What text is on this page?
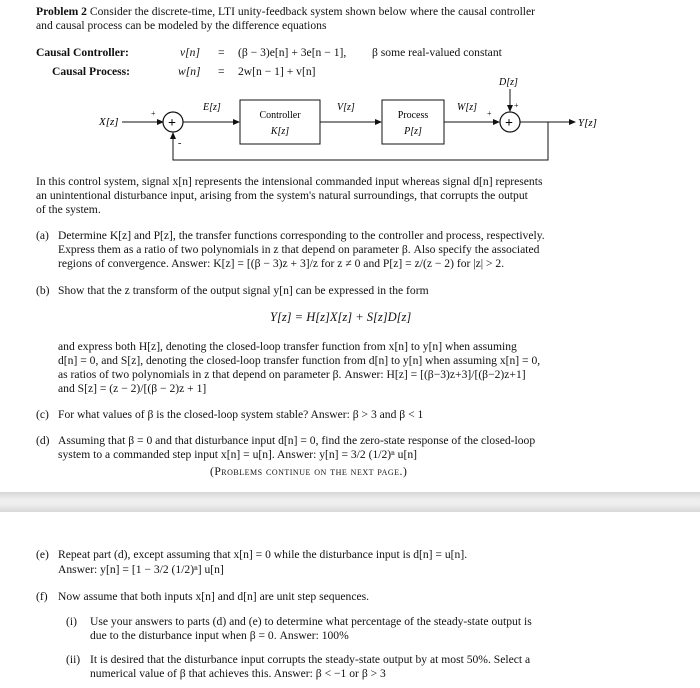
Problem 2 Consider the discrete-time, LTI unity-feedback system shown below where the causal controller
and causal process can be modeled by the difference equations
Causal Controller:	v[n] = (β − 3)e[n] + 3e[n − 1], β some real-valued constant
Causal Process:	w[n] = 2w[n − 1] + v[n]
X[z]
+
+
-
E[z]
Controller
K[z]
V[z]
Process
P[z]
W[z]
+
D[z]
+
+	Y[z]
In this control system, signal x[n] represents the intensional commanded input whereas signal d[n] represents
an unintentional disturbance input, arising from the system's natural surroundings, that corrupts the output
of the system.
(a) Determine K[z] and P[z], the transfer functions corresponding to the controller and process, respectively.
Express them as a ratio of two polynomials in z that depend on parameter β. Also specify the associated
regions of convergence. Answer: K[z] = [(β − 3)z + 3]/z for z ≠ 0 and P[z] = z/(z − 2) for |z| > 2.
(b) Show that the z transform of the output signal y[n] can be expressed in the form
Y[z] = H[z]X[z] + S[z]D[z]
and express both H[z], denoting the closed-loop transfer function from x[n] to y[n] when assuming
d[n] = 0, and S[z], denoting the closed-loop transfer function from d[n] to y[n] when assuming x[n] = 0,
as ratios of two polynomials in z that depend on parameter β. Answer: H[z] = [(β−3)z+3]/[(β−2)z+1]
and S[z] = (z − 2)/[(β − 2)z + 1]
(c) For what values of β is the closed-loop system stable? Answer: β > 3 and β < 1
(d) Assuming that β = 0 and that disturbance input d[n] = 0, find the zero-state response of the closed-loop
system to a commanded step input x[n] = u[n]. Answer: y[n] = 3/2 (1/2)ⁿ u[n]
(Problems continue on the next page.)
(e) Repeat part (d), except assuming that x[n] = 0 while the disturbance input is d[n] = u[n].
Answer: y[n] = [1 − 3/2 (1/2)ⁿ] u[n]
(f) Now assume that both inputs x[n] and d[n] are unit step sequences.
(i) Use your answers to parts (d) and (e) to determine what percentage of the steady-state output is
due to the disturbance input when β = 0. Answer: 100%
(ii) It is desired that the disturbance input corrupts the steady-state output by at most 50%. Select a
numerical value of β that achieves this. Answer: β < −1 or β > 3
